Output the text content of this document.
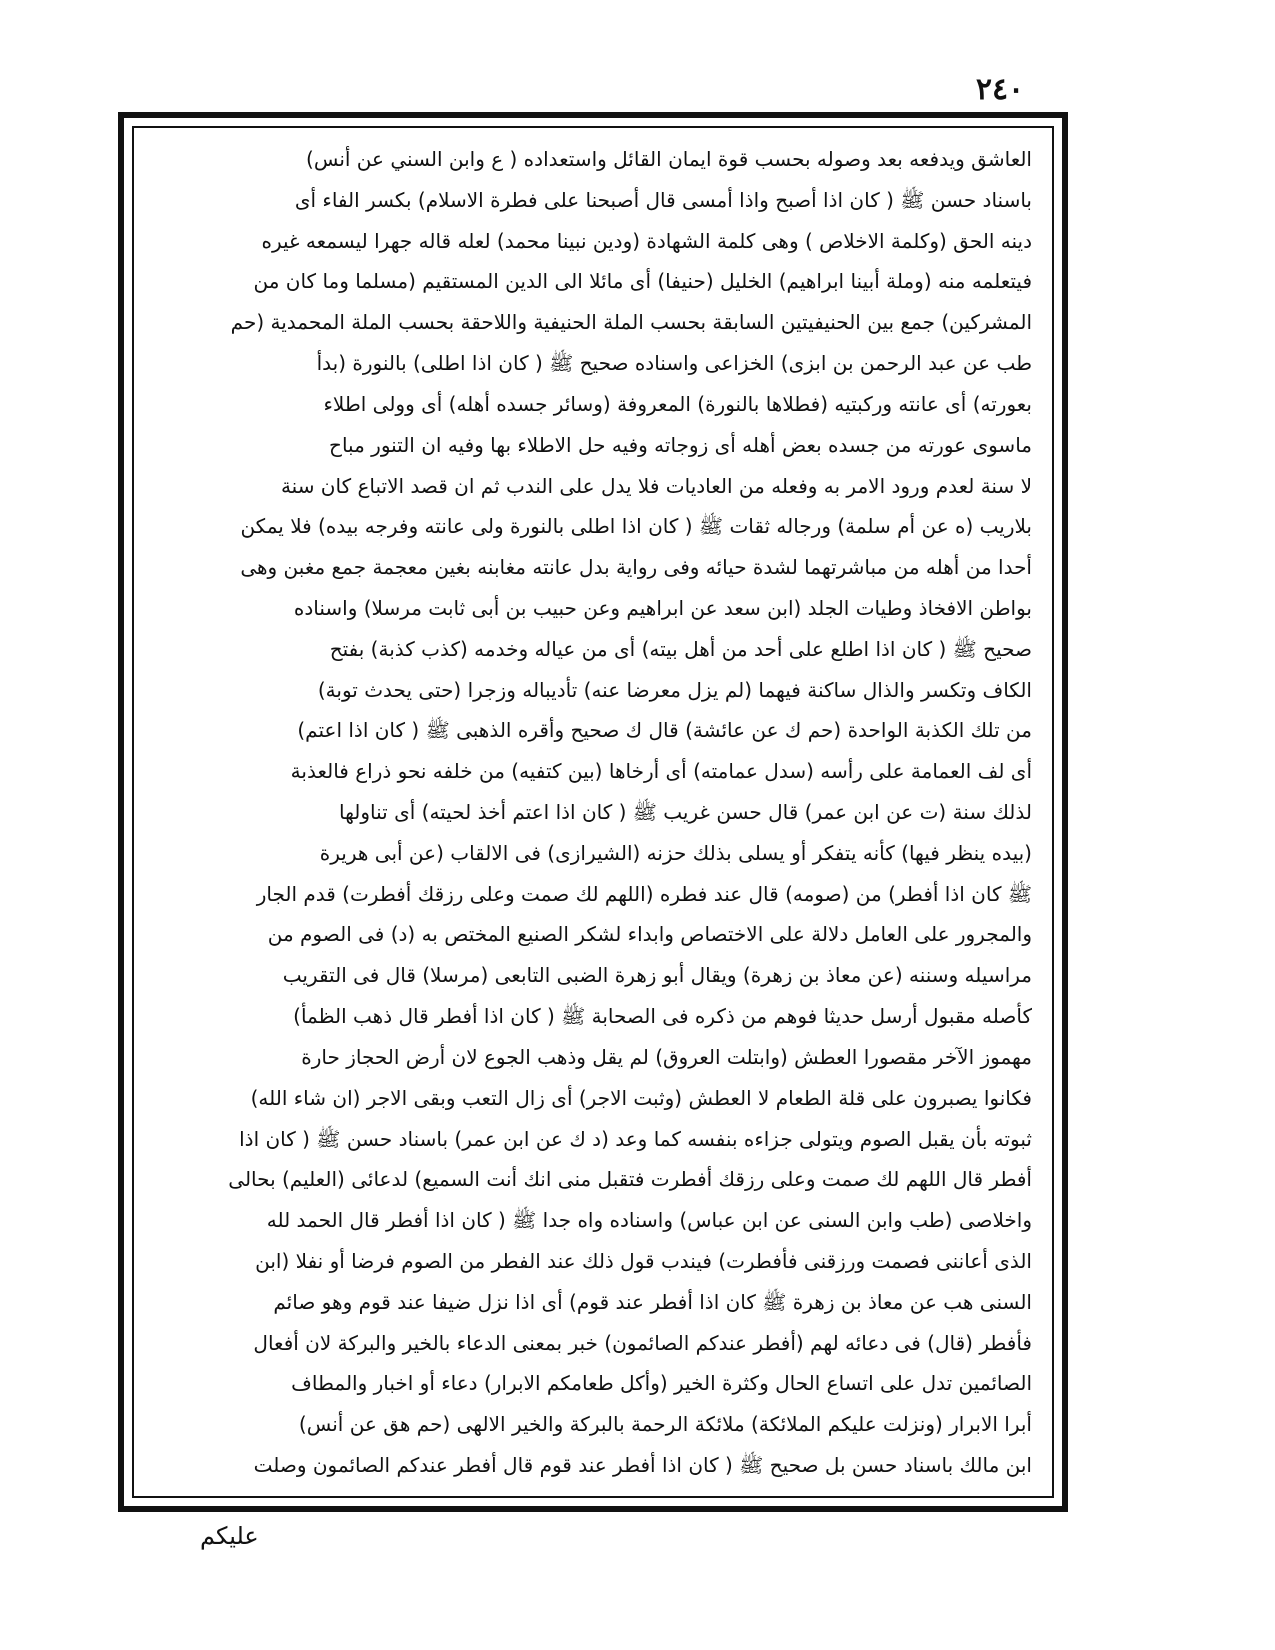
٢٤٠
العاشق ويدفعه بعد وصوله بحسب قوة ايمان القائل واستعداده ( ع وابن السني عن أنس)
باسناد حسن ﷺ ( كان اذا أصبح واذا أمسى قال أصبحنا على فطرة الاسلام) بكسر الفاء أى
دينه الحق (وكلمة الاخلاص ) وهى كلمة الشهادة (ودين نبينا محمد) لعله قاله جهرا ليسمعه غيره
فيتعلمه منه (وملة أبينا ابراهيم) الخليل (حنيفا) أى مائلا الى الدين المستقيم (مسلما وما كان من
المشركين) جمع بين الحنيفيتين السابقة بحسب الملة الحنيفية واللاحقة بحسب الملة المحمدية (حم
طب عن عبد الرحمن بن ابزى) الخزاعى واسناده صحيح ﷺ ( كان اذا اطلى) بالنورة (بدأ
بعورته) أى عانته وركبتيه (فطلاها بالنورة) المعروفة (وسائر جسده أهله) أى وولى اطلاء
ماسوى عورته من جسده بعض أهله أى زوجاته وفيه حل الاطلاء بها وفيه ان التنور مباح
لا سنة لعدم ورود الامر به وفعله من العاديات فلا يدل على الندب ثم ان قصد الاتباع كان سنة
بلاريب (ه عن أم سلمة) ورجاله ثقات ﷺ ( كان اذا اطلى بالنورة ولى عانته وفرجه بيده) فلا يمكن
أحدا من أهله من مباشرتهما لشدة حيائه وفى رواية بدل عانته مغابنه بغين معجمة جمع مغبن وهى
بواطن الافخاذ وطيات الجلد (ابن سعد عن ابراهيم وعن حبيب بن أبى ثابت مرسلا) واسناده
صحيح ﷺ ( كان اذا اطلع على أحد من أهل بيته) أى من عياله وخدمه (كذب كذبة) بفتح
الكاف وتكسر والذال ساكنة فيهما (لم يزل معرضا عنه) تأديباله وزجرا (حتى يحدث توبة)
من تلك الكذبة الواحدة (حم ك عن عائشة) قال ك صحيح وأقره الذهبى ﷺ ( كان اذا اعتم)
أى لف العمامة على رأسه (سدل عمامته) أى أرخاها (بين كتفيه) من خلفه نحو ذراع فالعذبة
لذلك سنة (ت عن ابن عمر) قال حسن غريب ﷺ ( كان اذا اعتم أخذ لحيته) أى تناولها
(بيده ينظر فيها) كأنه يتفكر أو يسلى بذلك حزنه (الشيرازى) فى الالقاب (عن أبى هريرة
ﷺ كان اذا أفطر) من (صومه) قال عند فطره (اللهم لك صمت وعلى رزقك أفطرت) قدم الجار
والمجرور على العامل دلالة على الاختصاص وابداء لشكر الصنيع المختص به (د) فى الصوم من
مراسيله وسننه (عن معاذ بن زهرة) ويقال أبو زهرة الضبى التابعى (مرسلا) قال فى التقريب
كأصله مقبول أرسل حديثا فوهم من ذكره فى الصحابة ﷺ ( كان اذا أفطر قال ذهب الظمأ)
مهموز الآخر مقصورا العطش (وابتلت العروق) لم يقل وذهب الجوع لان أرض الحجاز حارة
فكانوا يصبرون على قلة الطعام لا العطش (وثبت الاجر) أى زال التعب وبقى الاجر (ان شاء الله)
ثبوته بأن يقبل الصوم ويتولى جزاءه بنفسه كما وعد (د ك عن ابن عمر) باسناد حسن ﷺ ( كان اذا
أفطر قال اللهم لك صمت وعلى رزقك أفطرت فتقبل منى انك أنت السميع) لدعائى (العليم) بحالى
واخلاصى (طب وابن السنى عن ابن عباس) واسناده واه جدا ﷺ ( كان اذا أفطر قال الحمد لله
الذى أعاننى فصمت ورزقنى فأفطرت) فيندب قول ذلك عند الفطر من الصوم فرضا أو نفلا (ابن
السنى هب عن معاذ بن زهرة ﷺ كان اذا أفطر عند قوم) أى اذا نزل ضيفا عند قوم وهو صائم
فأفطر (قال) فى دعائه لهم (أفطر عندكم الصائمون) خبر بمعنى الدعاء بالخير والبركة لان أفعال
الصائمين تدل على اتساع الحال وكثرة الخير (وأكل طعامكم الابرار) دعاء أو اخبار والمطاف
أبرا الابرار (ونزلت عليكم الملائكة) ملائكة الرحمة بالبركة والخير الالهى (حم هق عن أنس)
ابن مالك باسناد حسن بل صحيح ﷺ ( كان اذا أفطر عند قوم قال أفطر عندكم الصائمون وصلت
عليكم
